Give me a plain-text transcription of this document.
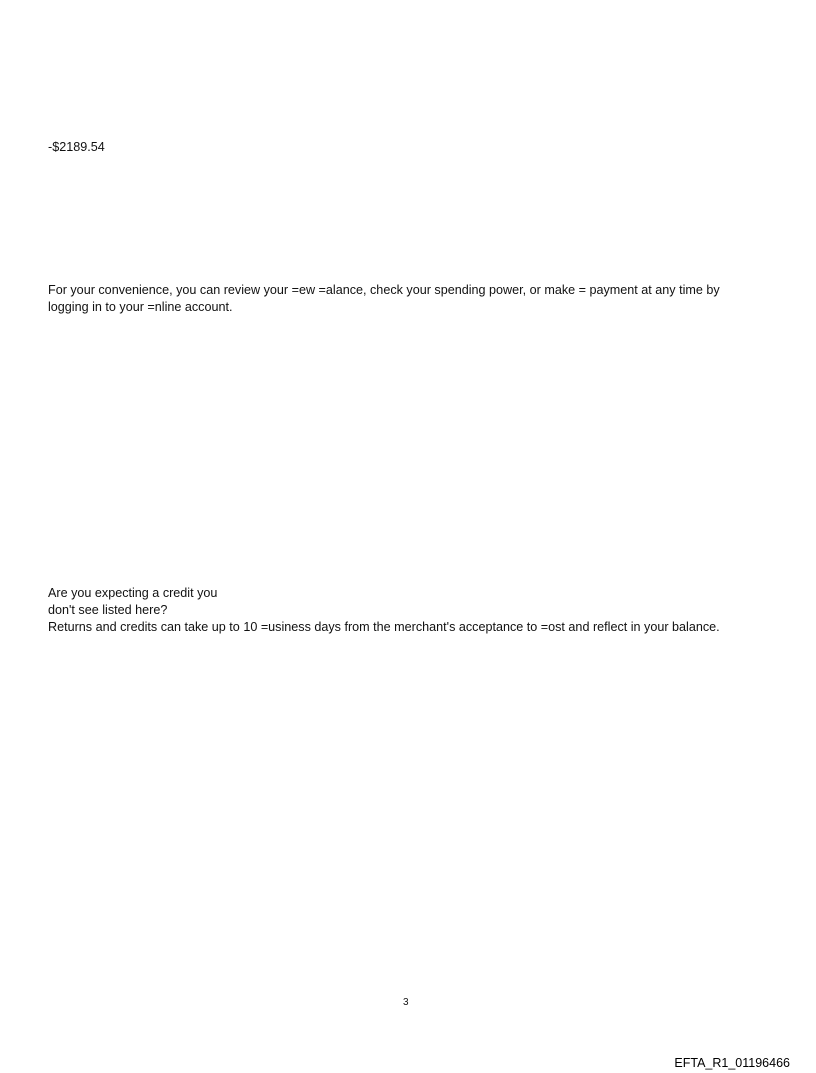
-$2189.54
For your convenience, you can review your =ew =alance, check your spending power, or make = payment at any time by
logging in to your =nline account.
Are you expecting a credit you
don't see listed here?
Returns and credits can take up to 10 =usiness days from the merchant's acceptance to =ost and reflect in your balance.
3
EFTA_R1_01196466
